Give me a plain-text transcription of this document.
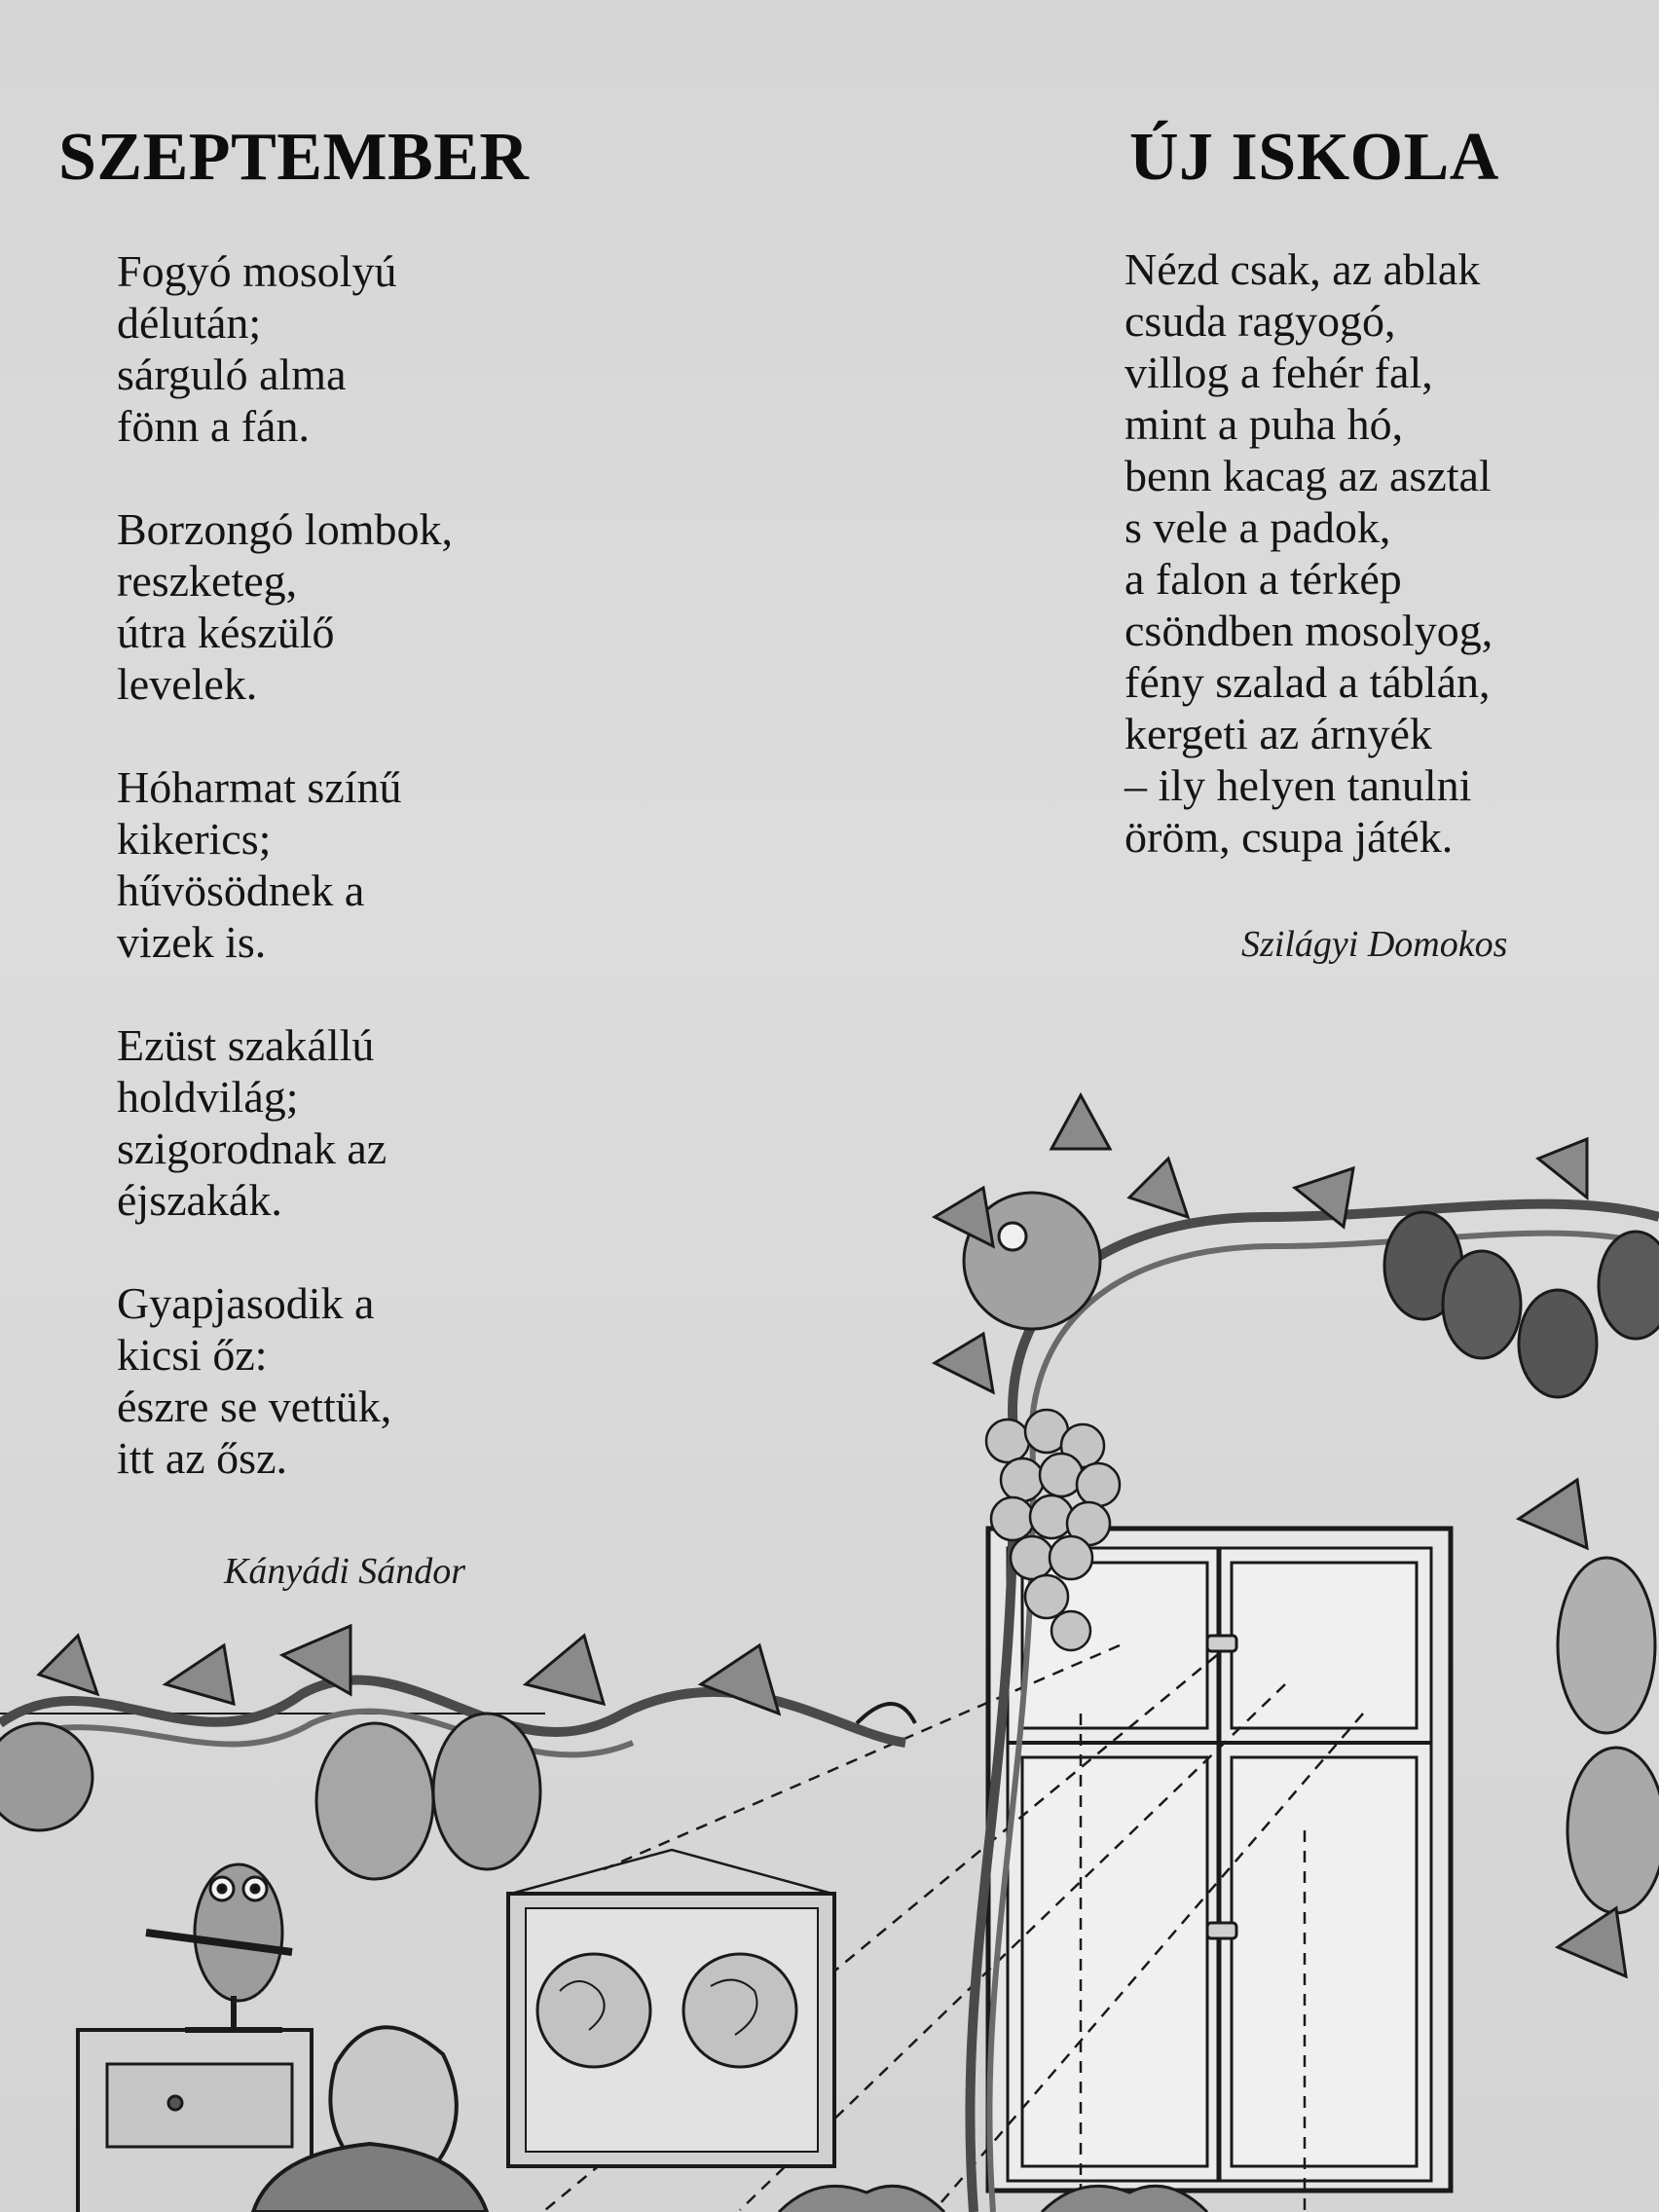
SZEPTEMBER
Fogyó mosolyú
délután;
sárguló alma
fönn a fán.
Borzongó lombok,
reszketeg,
útra készülő
levelek.
Hóharmat színű
kikerics;
hűvösödnek a
vizek is.
Ezüst szakállú
holdvilág;
szigorodnak az
éjszakák.
Gyapjasodik a
kicsi őz:
észre se vettük,
itt az ősz.
Kányádi Sándor
ÚJ ISKOLA
Nézd csak, az ablak
csuda ragyogó,
villog a fehér fal,
mint a puha hó,
benn kacag az asztal
s vele a padok,
a falon a térkép
csöndben mosolyog,
fény szalad a táblán,
kergeti az árnyék
– ily helyen tanulni
öröm, csupa játék.
Szilágyi Domokos
